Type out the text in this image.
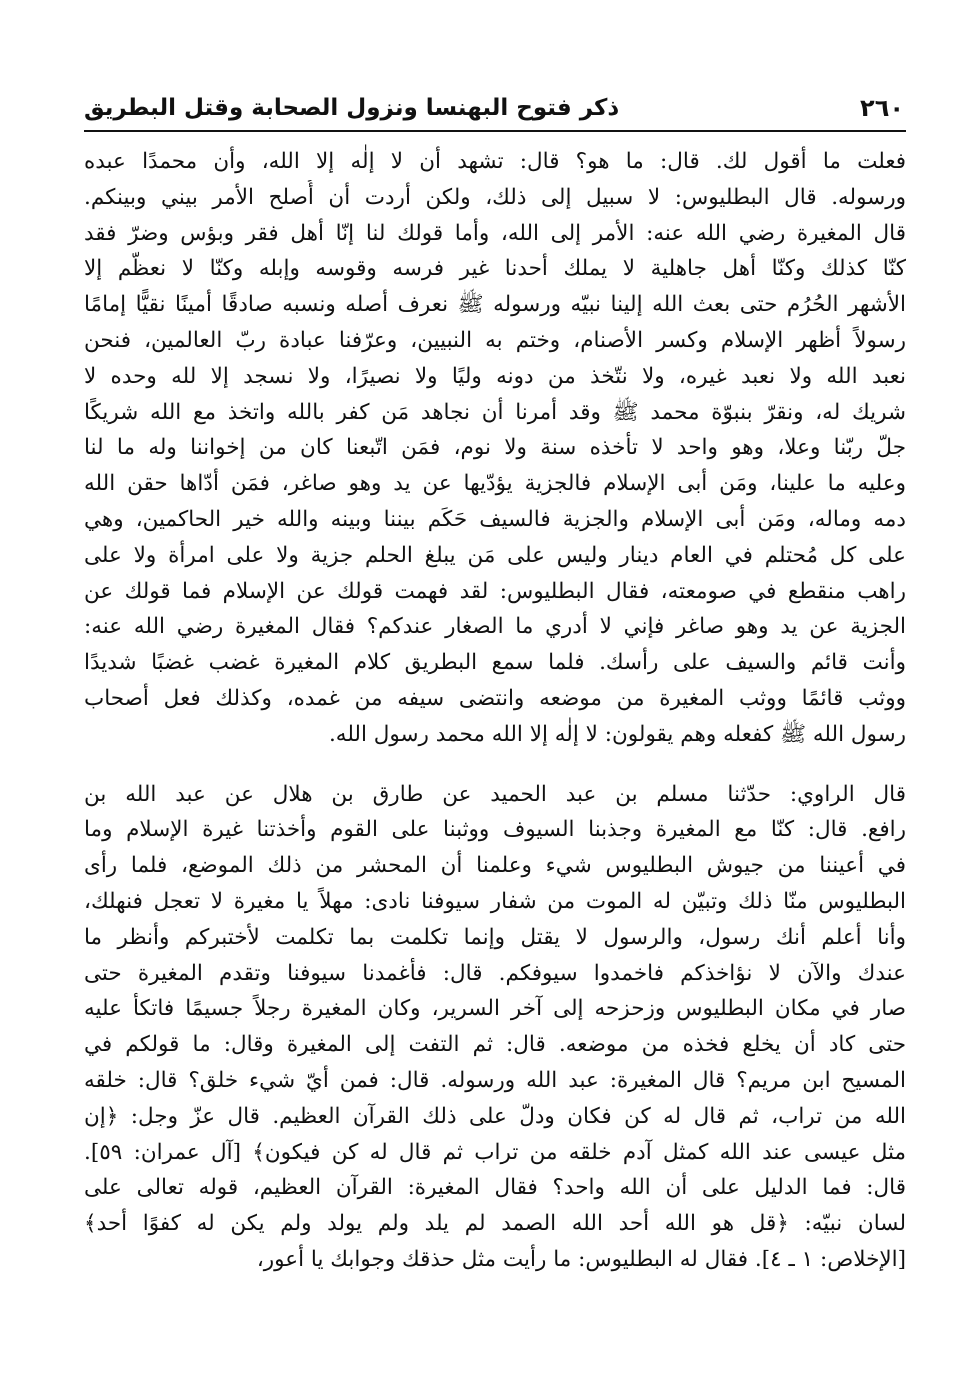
٢٦٠
ذكر فتوح البهنسا ونزول الصحابة وقتل البطريق
فعلت ما أقول لك. قال: ما هو؟ قال: تشهد أن لا إلٰه إلا الله، وأن محمدًا عبده
ورسوله. قال البطليوس: لا سبيل إلى ذلك، ولكن أردت أن أُصلح الأمر بيني وبينكم.
قال المغيرة رضي الله عنه: الأمر إلى الله، وأما قولك لنا إنّا أهل فقر وبؤس وضرّ فقد
كنّا كذلك وكنّا أهل جاهلية لا يملك أحدنا غير فرسه وقوسه وإبله وكنّا لا نعظّم إلا
الأشهر الحُرُم حتى بعث الله إلينا نبيّه ورسوله ﷺ نعرف أصله ونسبه صادقًا أمينًا نقيًّا إمامًا
رسولاً أظهر الإسلام وكسر الأصنام، وختم به النبيين، وعرّفنا عبادة ربّ العالمين، فنحن
نعبد الله ولا نعبد غيره، ولا نتّخذ من دونه وليًا ولا نصيرًا، ولا نسجد إلا لله وحده لا
شريك له، ونقرّ بنبوّة محمد ﷺ وقد أمرنا أن نجاهد مَن كفر بالله واتخذ مع الله شريكًا
جلّ ربّنا وعلا، وهو واحد لا تأخذه سنة ولا نوم، فمَن اتّبعنا كان من إخواننا وله ما لنا
وعليه ما علينا، ومَن أبى الإسلام فالجزية يؤدّيها عن يد وهو صاغر، فمَن أدّاها حقن الله
دمه وماله، ومَن أبى الإسلام والجزية فالسيف حَكَم بيننا وبينه والله خير الحاكمين، وهي
على كل مُحتلم في العام دينار وليس على مَن يبلغ الحلم جزية ولا على امرأة ولا على
راهب منقطع في صومعته، فقال البطليوس: لقد فهمت قولك عن الإسلام فما قولك عن
الجزية عن يد وهو صاغر فإني لا أدري ما الصغار عندكم؟ فقال المغيرة رضي الله عنه:
وأنت قائم والسيف على رأسك. فلما سمع البطريق كلام المغيرة غضب غضبًا شديدًا
ووثب قائمًا ووثب المغيرة من موضعه وانتضى سيفه من غمده، وكذلك فعل أصحاب
رسول الله ﷺ كفعله وهم يقولون: لا إلٰه إلا الله محمد رسول الله.
قال الراوي: حدّثنا مسلم بن عبد الحميد عن طارق بن هلال عن عبد الله بن
رافع. قال: كنّا مع المغيرة وجذبنا السيوف ووثبنا على القوم وأخذتنا غيرة الإسلام وما
في أعيننا من جيوش البطليوس شيء وعلمنا أن المحشر من ذلك الموضع، فلما رأى
البطليوس منّا ذلك وتبيّن له الموت من شفار سيوفنا نادى: مهلاً يا مغيرة لا تعجل فنهلك،
وأنا أعلم أنك رسول، والرسول لا يقتل وإنما تكلمت بما تكلمت لأختبركم وأنظر ما
عندك والآن لا نؤاخذكم فاخمدوا سيوفكم. قال: فأغمدنا سيوفنا وتقدم المغيرة حتى
صار في مكان البطليوس وزحزحه إلى آخر السرير، وكان المغيرة رجلاً جسيمًا فاتكأ عليه
حتى كاد أن يخلع فخذه من موضعه. قال: ثم التفت إلى المغيرة وقال: ما قولكم في
المسيح ابن مريم؟ قال المغيرة: عبد الله ورسوله. قال: فمن أيّ شيء خلق؟ قال: خلقه
الله من تراب، ثم قال له كن فكان ودلّ على ذلك القرآن العظيم. قال عزّ وجل: ﴿إن
مثل عيسى عند الله كمثل آدم خلقه من تراب ثم قال له كن فيكون﴾ [آل عمران: ٥٩].
قال: فما الدليل على أن الله واحد؟ فقال المغيرة: القرآن العظيم، قوله تعالى على
لسان نبيّه: ﴿قل هو الله أحد الله الصمد لم يلد ولم يولد ولم يكن له كفوًا أحد﴾
[الإخلاص: ١ ـ ٤]. فقال له البطليوس: ما رأيت مثل حذقك وجوابك يا أعور،
